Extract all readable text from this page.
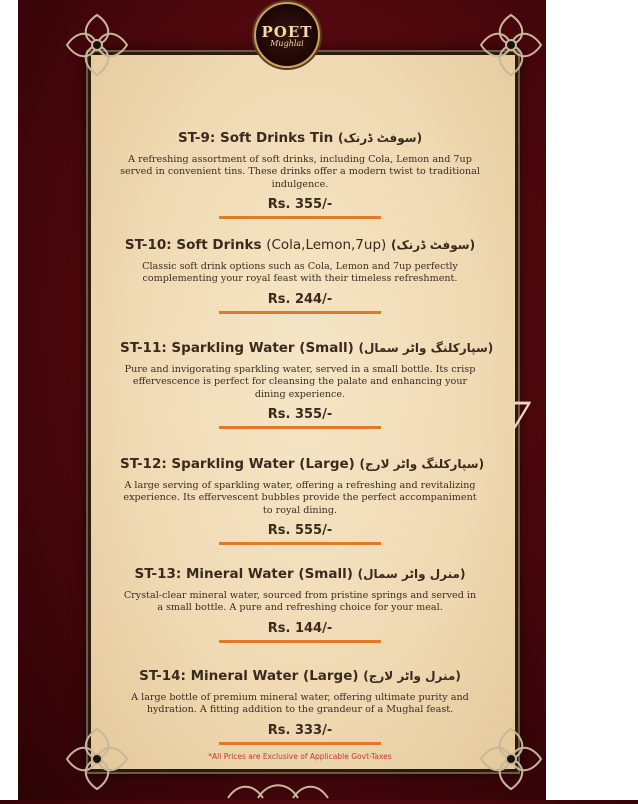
POET
Mughlai
ST-9: Soft Drinks Tin (سوفٹ ڈرنک)
A refreshing assortment of soft drinks, including Cola, Lemon and 7up served in convenient tins. These drinks offer a modern twist to traditional indulgence.
Rs. 355/-
ST-10: Soft Drinks (Cola,Lemon,7up) (سوفٹ ڈرنک)
Classic soft drink options such as Cola, Lemon and 7up perfectly complementing your royal feast with their timeless refreshment.
Rs. 244/-
ST-11: Sparkling Water (Small) (سپارکلنگ واٹر سمال)
Pure and invigorating sparkling water, served in a small bottle. Its crisp effervescence is perfect for cleansing the palate and enhancing your dining experience.
Rs. 355/-
ST-12: Sparkling Water (Large) (سپارکلنگ واٹر لارج)
A large serving of sparkling water, offering a refreshing and revitalizing experience. Its effervescent bubbles provide the perfect accompaniment to royal dining.
Rs. 555/-
ST-13: Mineral Water (Small) (منرل واٹر سمال)
Crystal-clear mineral water, sourced from pristine springs and served in a small bottle. A pure and refreshing choice for your meal.
Rs. 144/-
ST-14: Mineral Water (Large) (منرل واٹر لارج)
A large bottle of premium mineral water, offering ultimate purity and hydration. A fitting addition to the grandeur of a Mughal feast.
Rs. 333/-
*All Prices are Exclusive of Applicable Govt-Taxes
7
